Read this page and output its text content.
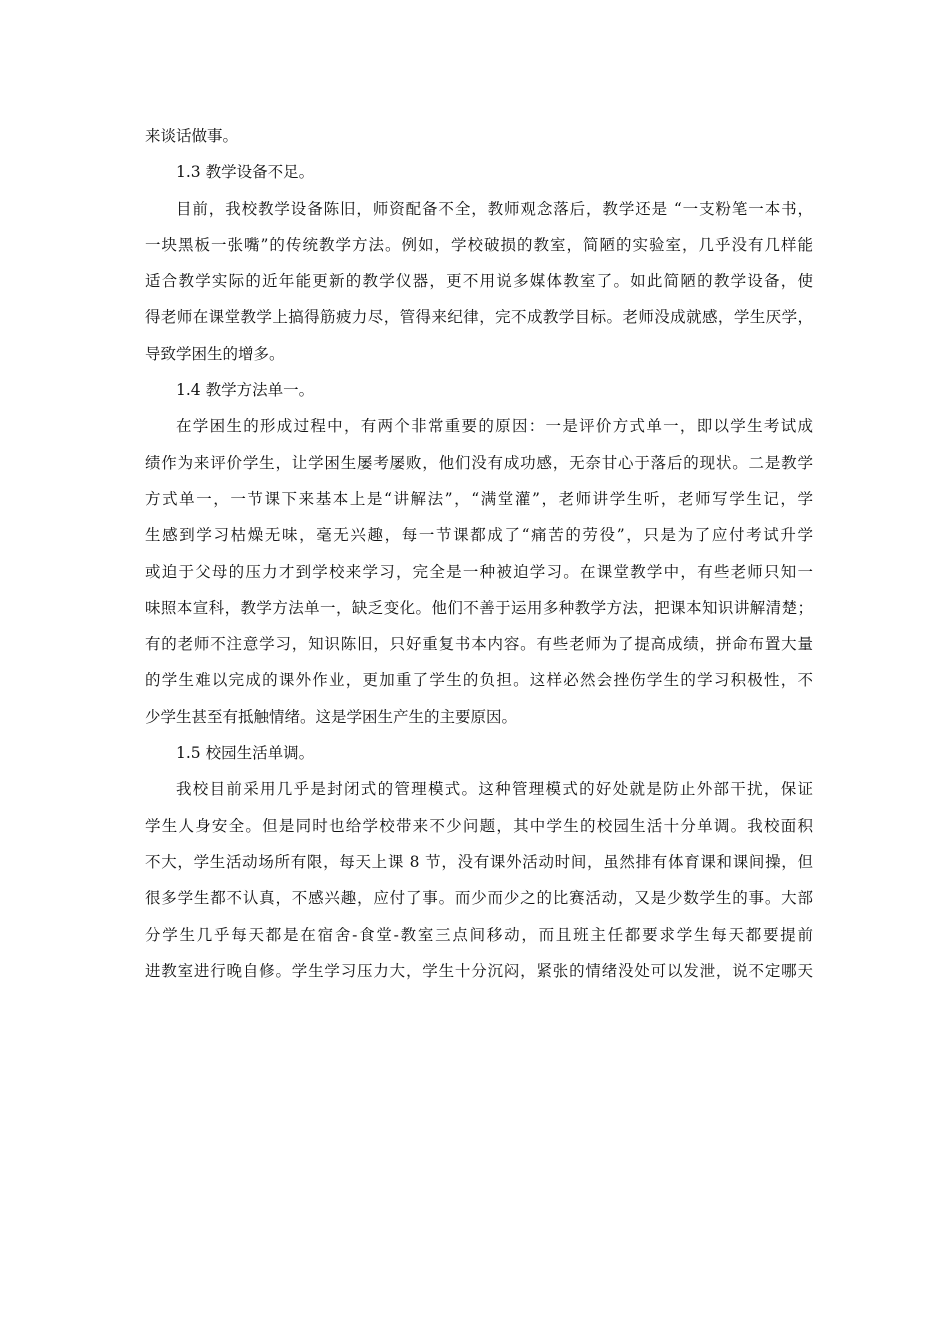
来谈话做事。
1.3 教学设备不足。
目前，我校教学设备陈旧，师资配备不全，教师观念落后，教学还是 “一支粉笔一本书，
一块黑板一张嘴”的传统教学方法。例如，学校破损的教室，简陋的实验室，几乎没有几样能
适合教学实际的近年能更新的教学仪器，更不用说多媒体教室了。如此简陋的教学设备，使
得老师在课堂教学上搞得筋疲力尽，管得来纪律，完不成教学目标。老师没成就感，学生厌学，
导致学困生的增多。
1.4 教学方法单一。
在学困生的形成过程中，有两个非常重要的原因：一是评价方式单一，即以学生考试成
绩作为来评价学生，让学困生屡考屡败，他们没有成功感，无奈甘心于落后的现状。二是教学
方式单一，一节课下来基本上是“讲解法”，“满堂灌”，老师讲学生听，老师写学生记，学
生感到学习枯燥无味，毫无兴趣，每一节课都成了“痛苦的劳役”，只是为了应付考试升学
或迫于父母的压力才到学校来学习，完全是一种被迫学习。在课堂教学中，有些老师只知一
味照本宣科，教学方法单一，缺乏变化。他们不善于运用多种教学方法，把课本知识讲解清楚；
有的老师不注意学习，知识陈旧，只好重复书本内容。有些老师为了提高成绩，拼命布置大量
的学生难以完成的课外作业，更加重了学生的负担。这样必然会挫伤学生的学习积极性，不
少学生甚至有抵触情绪。这是学困生产生的主要原因。
1.5 校园生活单调。
我校目前采用几乎是封闭式的管理模式。这种管理模式的好处就是防止外部干扰，保证
学生人身安全。但是同时也给学校带来不少问题，其中学生的校园生活十分单调。我校面积
不大，学生活动场所有限，每天上课 8 节，没有课外活动时间，虽然排有体育课和课间操，但
很多学生都不认真，不感兴趣，应付了事。而少而少之的比赛活动，又是少数学生的事。大部
分学生几乎每天都是在宿舍-食堂-教室三点间移动，而且班主任都要求学生每天都要提前
进教室进行晚自修。学生学习压力大，学生十分沉闷，紧张的情绪没处可以发泄，说不定哪天
